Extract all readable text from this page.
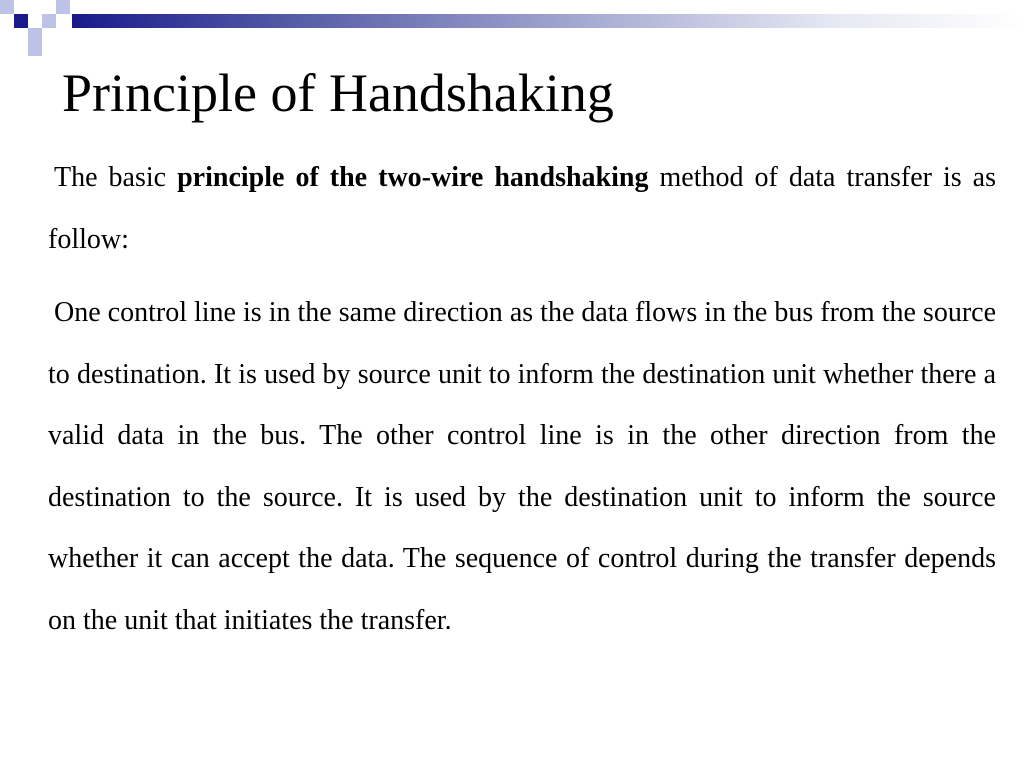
Principle of Handshaking

The basic principle of the two-wire handshaking method of data transfer is as follow:

One control line is in the same direction as the data flows in the bus from the source to destination. It is used by source unit to inform the destination unit whether there a valid data in the bus. The other control line is in the other direction from the destination to the source. It is used by the destination unit to inform the source whether it can accept the data. The sequence of control during the transfer depends on the unit that initiates the transfer.
